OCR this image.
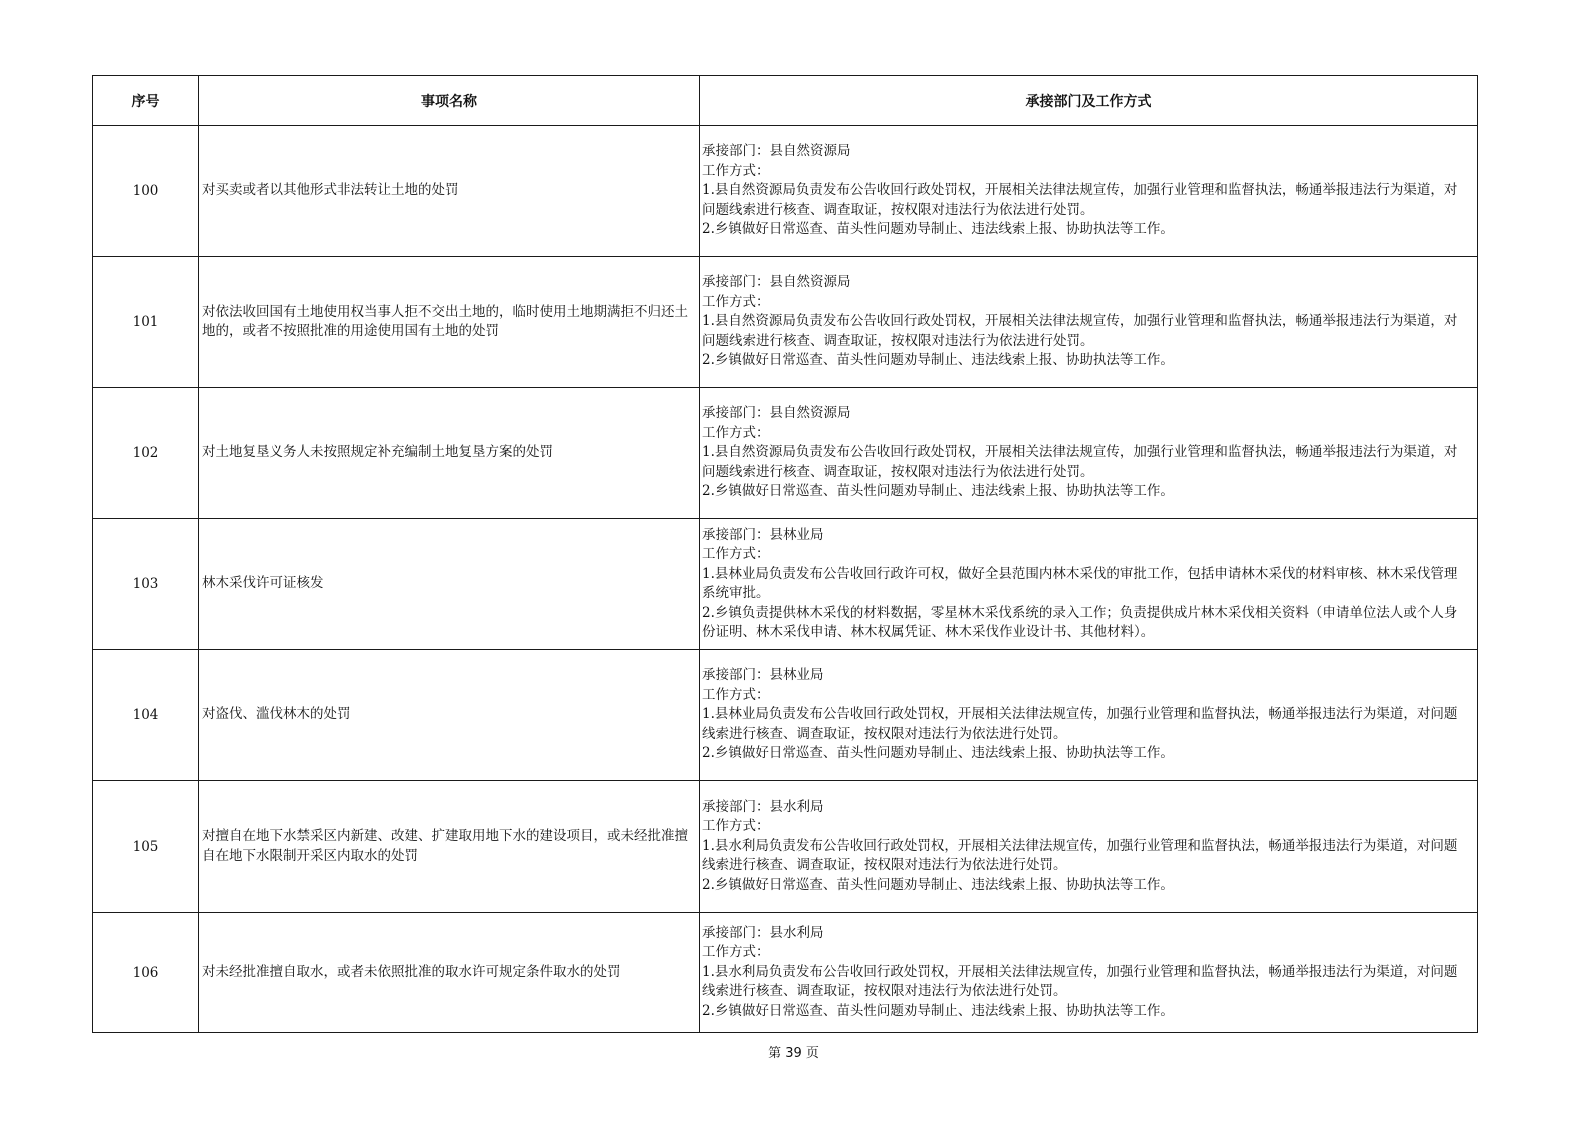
序号	事项名称	承接部门及工作方式
100	对买卖或者以其他形式非法转让土地的处罚	承接部门：县自然资源局
工作方式：
1.县自然资源局负责发布公告收回行政处罚权，开展相关法律法规宣传，加强行业管理和监督执法，畅通举报违法行为渠道，对问题线索进行核查、调查取证，按权限对违法行为依法进行处罚。
2.乡镇做好日常巡查、苗头性问题劝导制止、违法线索上报、协助执法等工作。

101	对依法收回国有土地使用权当事人拒不交出土地的，临时使用土地期满拒不归还土地的，或者不按照批准的用途使用国有土地的处罚	承接部门：县自然资源局
工作方式：
1.县自然资源局负责发布公告收回行政处罚权，开展相关法律法规宣传，加强行业管理和监督执法，畅通举报违法行为渠道，对问题线索进行核查、调查取证，按权限对违法行为依法进行处罚。
2.乡镇做好日常巡查、苗头性问题劝导制止、违法线索上报、协助执法等工作。

102	对土地复垦义务人未按照规定补充编制土地复垦方案的处罚	承接部门：县自然资源局
工作方式：
1.县自然资源局负责发布公告收回行政处罚权，开展相关法律法规宣传，加强行业管理和监督执法，畅通举报违法行为渠道，对问题线索进行核查、调查取证，按权限对违法行为依法进行处罚。
2.乡镇做好日常巡查、苗头性问题劝导制止、违法线索上报、协助执法等工作。

103	林木采伐许可证核发	承接部门：县林业局
工作方式：
1.县林业局负责发布公告收回行政许可权，做好全县范围内林木采伐的审批工作，包括申请林木采伐的材料审核、林木采伐管理系统审批。
2.乡镇负责提供林木采伐的材料数据，零星林木采伐系统的录入工作；负责提供成片林木采伐相关资料（申请单位法人或个人身份证明、林木采伐申请、林木权属凭证、林木采伐作业设计书、其他材料）。

104	对盗伐、滥伐林木的处罚	承接部门：县林业局
工作方式：
1.县林业局负责发布公告收回行政处罚权，开展相关法律法规宣传，加强行业管理和监督执法，畅通举报违法行为渠道，对问题线索进行核查、调查取证，按权限对违法行为依法进行处罚。
2.乡镇做好日常巡查、苗头性问题劝导制止、违法线索上报、协助执法等工作。

105	对擅自在地下水禁采区内新建、改建、扩建取用地下水的建设项目，或未经批准擅自在地下水限制开采区内取水的处罚	承接部门：县水利局
工作方式：
1.县水利局负责发布公告收回行政处罚权，开展相关法律法规宣传，加强行业管理和监督执法，畅通举报违法行为渠道，对问题线索进行核查、调查取证，按权限对违法行为依法进行处罚。
2.乡镇做好日常巡查、苗头性问题劝导制止、违法线索上报、协助执法等工作。

106	对未经批准擅自取水，或者未依照批准的取水许可规定条件取水的处罚	承接部门：县水利局
工作方式：
1.县水利局负责发布公告收回行政处罚权，开展相关法律法规宣传，加强行业管理和监督执法，畅通举报违法行为渠道，对问题线索进行核查、调查取证，按权限对违法行为依法进行处罚。
2.乡镇做好日常巡查、苗头性问题劝导制止、违法线索上报、协助执法等工作。
第 39 页
